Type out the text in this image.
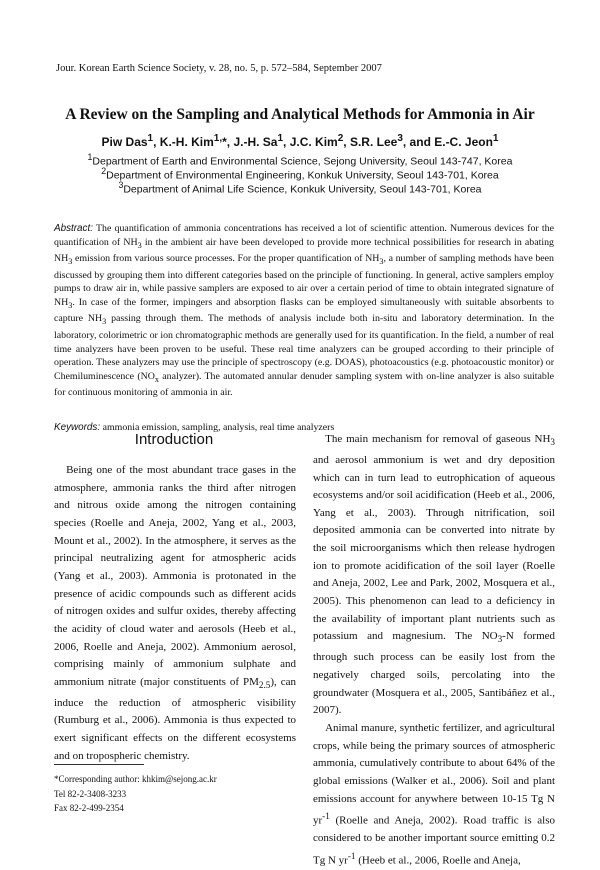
Jour. Korean Earth Science Society, v. 28, no. 5, p. 572–584, September 2007
A Review on the Sampling and Analytical Methods for Ammonia in Air
Piw Das$^1$, K.-H. Kim$^{1,}$*, J.-H. Sa$^1$, J.C. Kim$^2$, S.R. Lee$^3$, and E.-C. Jeon$^1$
$^1$Department of Earth and Environmental Science, Sejong University, Seoul 143-747, Korea
$^2$Department of Environmental Engineering, Konkuk University, Seoul 143-701, Korea
$^3$Department of Animal Life Science, Konkuk University, Seoul 143-701, Korea
Abstract: The quantification of ammonia concentrations has received a lot of scientific attention. Numerous devices for the quantification of $NH_3$ in the ambient air have been developed to provide more technical possibilities for research in abating $NH_3$ emission from various source processes. For the proper quantification of $NH_3$, a number of sampling methods have been discussed by grouping them into different categories based on the principle of functioning. In general, active samplers employ pumps to draw air in, while passive samplers are exposed to air over a certain period of time to obtain integrated signature of $NH_3$. In case of the former, impingers and absorption flasks can be employed simultaneously with suitable absorbents to capture $NH_3$ passing through them. The methods of analysis include both in-situ and laboratory determination. In the laboratory, colorimetric or ion chromatographic methods are generally used for its quantification. In the field, a number of real time analyzers have been proven to be useful. These real time analyzers can be grouped according to their principle of operation. These analyzers may use the principle of spectroscopy (e.g. DOAS), photoacoustics (e.g. photoacoustic monitor) or Chemiluminescence ($NO_x$ analyzer). The automated annular denuder sampling system with on-line analyzer is also suitable for continuous monitoring of ammonia in air.
Keywords: ammonia emission, sampling, analysis, real time analyzers
Introduction

Being one of the most abundant trace gases in the atmosphere, ammonia ranks the third after nitrogen and nitrous oxide among the nitrogen containing species (Roelle and Aneja, 2002, Yang et al., 2003, Mount et al., 2002). In the atmosphere, it serves as the principal neutralizing agent for atmospheric acids (Yang et al., 2003). Ammonia is protonated in the presence of acidic compounds such as different acids of nitrogen oxides and sulfur oxides, thereby affecting the acidity of cloud water and aerosols (Heeb et al., 2006, Roelle and Aneja, 2002). Ammonium aerosol, comprising mainly of ammonium sulphate and ammonium nitrate (major constituents of $PM_{2.5}$), can induce the reduction of atmospheric visibility (Rumburg et al., 2006). Ammonia is thus expected to exert significant effects on the different ecosystems and on tropospheric chemistry.

The main mechanism for removal of gaseous $NH_3$ and aerosol ammonium is wet and dry deposition which can in turn lead to eutrophication of aqueous ecosystems and/or soil acidification (Heeb et al., 2006, Yang et al., 2003). Through nitrification, soil deposited ammonia can be converted into nitrate by the soil microorganisms which then release hydrogen ion to promote acidification of the soil layer (Roelle and Aneja, 2002, Lee and Park, 2002, Mosquera et al., 2005). This phenomenon can lead to a deficiency in the availability of important plant nutrients such as potassium and magnesium. The $NO_3-N$ formed through such process can be easily lost from the negatively charged soils, percolating into the groundwater (Mosquera et al., 2005, Santibáñez et al., 2007).

Animal manure, synthetic fertilizer, and agricultural crops, while being the primary sources of atmospheric ammonia, cumulatively contribute to about 64% of the global emissions (Walker et al., 2006). Soil and plant emissions account for anywhere between 10-15 Tg N $yr^{-1}$ (Roelle and Aneja, 2002). Road traffic is also considered to be another important source emitting 0.2 Tg N $yr^{-1}$ (Heeb et al., 2006, Roelle and Aneja,

*Corresponding author: khkim@sejong.ac.kr
Tel 82-2-3408-3233
Fax 82-2-499-2354
